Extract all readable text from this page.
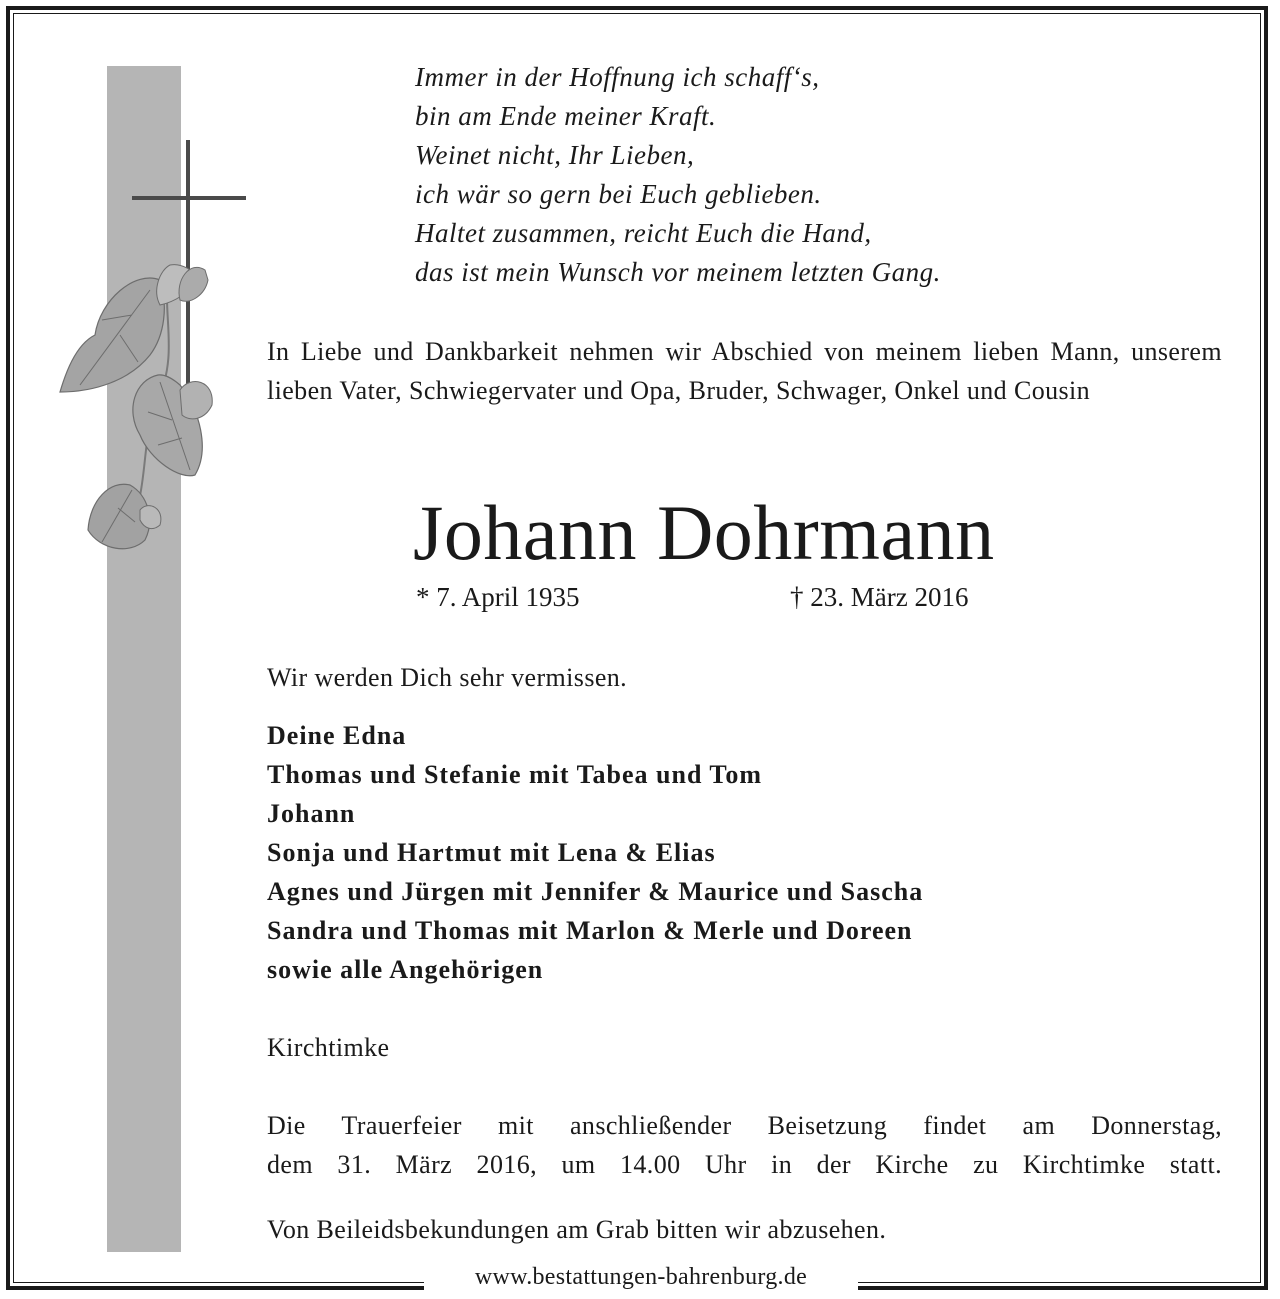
Immer in der Hoffnung ich schaff‘s,
bin am Ende meiner Kraft.
Weinet nicht, Ihr Lieben,
ich wär so gern bei Euch geblieben.
Haltet zusammen, reicht Euch die Hand,
das ist mein Wunsch vor meinem letzten Gang.
In Liebe und Dankbarkeit nehmen wir Abschied von meinem lieben Mann, unserem lieben Vater, Schwiegervater und Opa, Bruder, Schwager, Onkel und Cousin
Johann Dohrmann
* 7. April 1935	† 23. März 2016
Wir werden Dich sehr vermissen.
Deine Edna
Thomas und Stefanie mit Tabea und Tom
Johann
Sonja und Hartmut mit Lena & Elias
Agnes und Jürgen mit Jennifer & Maurice und Sascha
Sandra und Thomas mit Marlon & Merle und Doreen
sowie alle Angehörigen
Kirchtimke
Die Trauerfeier mit anschließender Beisetzung findet am Donnerstag,
dem 31. März 2016, um 14.00 Uhr in der Kirche zu Kirchtimke statt.
Von Beileidsbekundungen am Grab bitten wir abzusehen.
www.bestattungen-bahrenburg.de
